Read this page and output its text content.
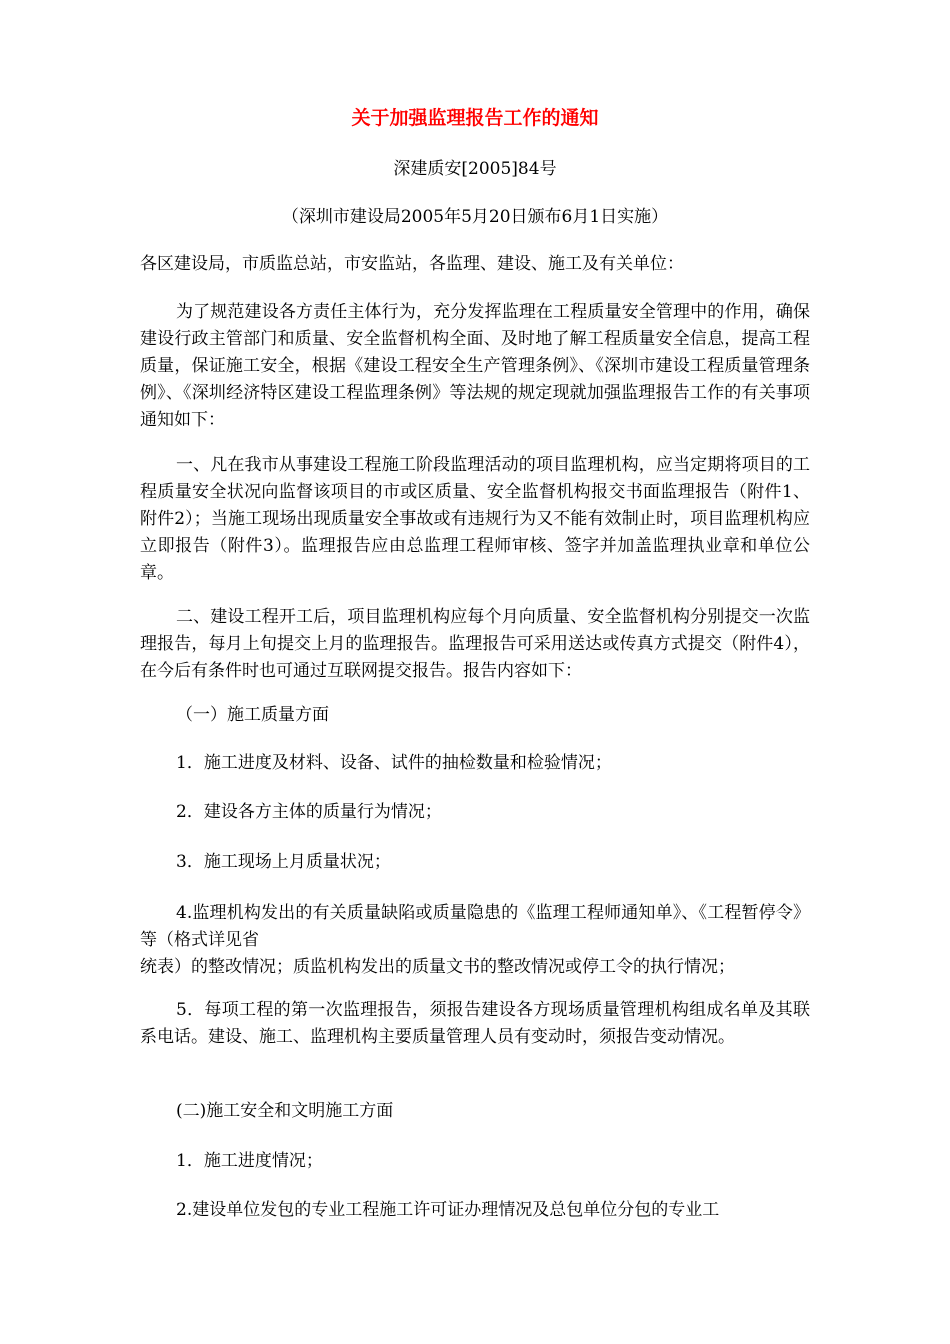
关于加强监理报告工作的通知
深建质安[2005]84号
（深圳市建设局2005年5月20日颁布6月1日实施）

各区建设局，市质监总站，市安监站，各监理、建设、施工及有关单位：

为了规范建设各方责任主体行为，充分发挥监理在工程质量安全管理中的作用，确保建设行政主管部门和质量、安全监督机构全面、及时地了解工程质量安全信息，提高工程质量，保证施工安全，根据《建设工程安全生产管理条例》、《深圳市建设工程质量管理条例》、《深圳经济特区建设工程监理条例》等法规的规定现就加强监理报告工作的有关事项通知如下：

一、凡在我市从事建设工程施工阶段监理活动的项目监理机构，应当定期将项目的工程质量安全状况向监督该项目的市或区质量、安全监督机构报交书面监理报告（附件1、附件2）；当施工现场出现质量安全事故或有违规行为又不能有效制止时，项目监理机构应立即报告（附件3）。监理报告应由总监理工程师审核、签字并加盖监理执业章和单位公章。

二、建设工程开工后，项目监理机构应每个月向质量、安全监督机构分别提交一次监理报告，每月上旬提交上月的监理报告。监理报告可采用送达或传真方式提交（附件4），在今后有条件时也可通过互联网提交报告。报告内容如下：

（一）施工质量方面

1．施工进度及材料、设备、试件的抽检数量和检验情况；

2．建设各方主体的质量行为情况；

3．施工现场上月质量状况；

4.监理机构发出的有关质量缺陷或质量隐患的《监理工程师通知单》、《工程暂停令》等（格式详见省

统表）的整改情况；质监机构发出的质量文书的整改情况或停工令的执行情况；

5．每项工程的第一次监理报告，须报告建设各方现场质量管理机构组成名单及其联系电话。建设、施工、监理机构主要质量管理人员有变动时，须报告变动情况。

(二)施工安全和文明施工方面

1．施工进度情况；

2.建设单位发包的专业工程施工许可证办理情况及总包单位分包的专业工
